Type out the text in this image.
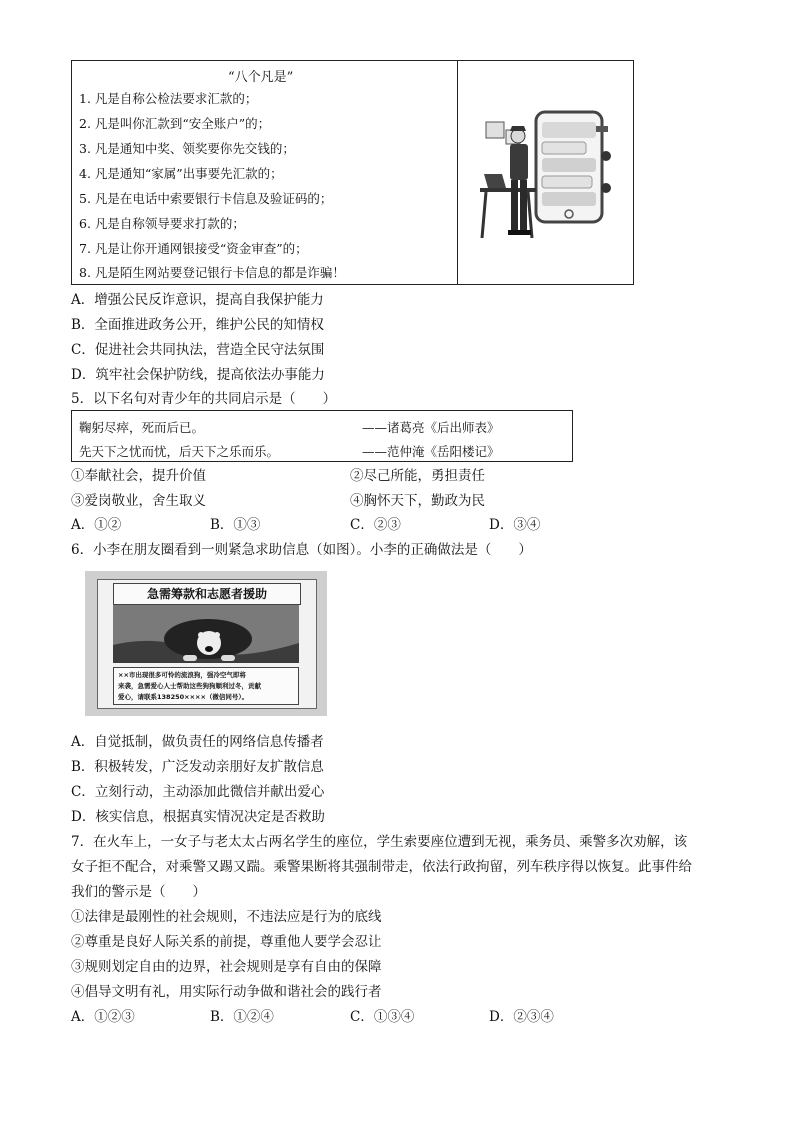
“八个凡是”
1. 凡是自称公检法要求汇款的；
2. 凡是叫你汇款到“安全账户”的；
3. 凡是通知中奖、领奖要你先交钱的；
4. 凡是通知“家属”出事要先汇款的；
5. 凡是在电话中索要银行卡信息及验证码的；
6. 凡是自称领导要求打款的；
7. 凡是让你开通网银接受“资金审查”的；
8. 凡是陌生网站要登记银行卡信息的都是诈骗！
A．增强公民反诈意识，提高自我保护能力
B．全面推进政务公开，维护公民的知情权
C．促进社会共同执法，营造全民守法氛围
D．筑牢社会保护防线，提高依法办事能力
5．以下名句对青少年的共同启示是（　　）
鞠躬尽瘁，死而后已。	——诸葛亮《后出师表》
先天下之忧而忧，后天下之乐而乐。	——范仲淹《岳阳楼记》
①奉献社会，提升价值	②尽己所能，勇担责任
③爱岗敬业，舍生取义	④胸怀天下，勤政为民
A．①②	B．①③	C．②③	D．③④
6．小李在朋友圈看到一则紧急求助信息（如图）。小李的正确做法是（　　）
急需筹款和志愿者援助
××市出现很多可怜的流浪狗，强冷空气即将
来袭，急需爱心人士帮助这些狗狗顺利过冬，贡献
爱心，请联系138250××××（微信同号）。
A．自觉抵制，做负责任的网络信息传播者
B．积极转发，广泛发动亲朋好友扩散信息
C．立刻行动，主动添加此微信并献出爱心
D．核实信息，根据真实情况决定是否救助
7．在火车上，一女子与老太太占两名学生的座位，学生索要座位遭到无视，乘务员、乘警多次劝解，该
女子拒不配合，对乘警又踢又踹。乘警果断将其强制带走，依法行政拘留，列车秩序得以恢复。此事件给
我们的警示是（　　）
①法律是最刚性的社会规则，不违法应是行为的底线
②尊重是良好人际关系的前提，尊重他人要学会忍让
③规则划定自由的边界，社会规则是享有自由的保障
④倡导文明有礼，用实际行动争做和谐社会的践行者
A．①②③	B．①②④	C．①③④	D．②③④
